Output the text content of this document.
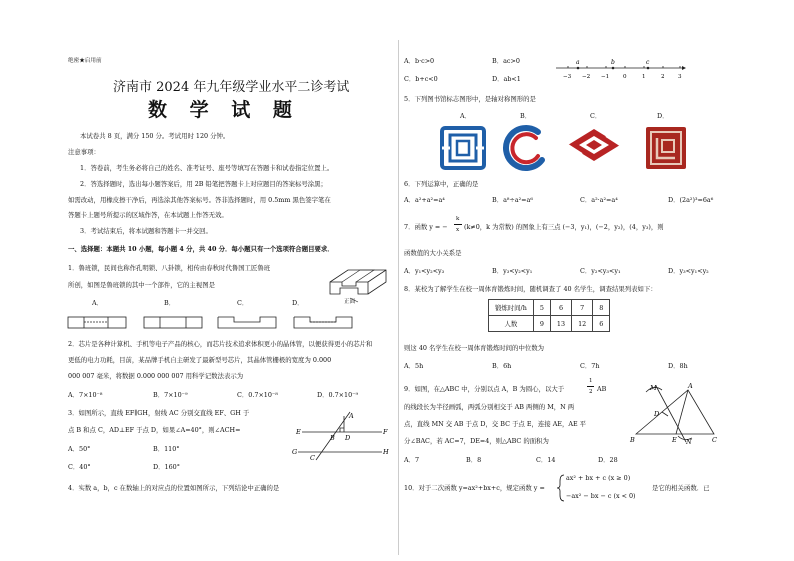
绝密★启用前
济南市 2024 年九年级学业水平二诊考试
数 学 试 题
本试卷共 8 页，满分 150 分。考试用时 120 分钟。
注意事项：
1．答卷前，考生务必将自己的姓名、准考证号、座号等填写在答题卡和试卷指定位置上。
2．答选择题时，选出每小题答案后，用 2B 铅笔把答题卡上对应题目的答案标号涂黑；
如需改动，用橡皮擦干净后，再选涂其他答案标号。答非选择题时，用 0.5mm 黑色签字笔在
答题卡上题号所提示的区域作答，在本试题上作答无效。
3．考试结束后，将本试题和答题卡一并交回。
一、选择题：本题共 10 小题，每小题 4 分，共 40 分．每小题只有一个选项符合题目要求．
1．鲁班锁，民间也称作孔明锁、八卦锁，相传由春秋时代鲁国工匠鲁班
所创，如图是鲁班锁的其中一个部件，它的主视图是
正面
A．	B．	C．	D．
2．芯片是各种计算机、手机等电子产品的核心，而芯片技术追求体积更小的晶体管，以便获得更小的芯片和
更低的电力功耗，目前，某品牌手机自主研发了最新型号芯片，其晶体管栅极的宽度为 0.000
000 007 毫米，将数据 0.000 000 007 用科学记数法表示为
A．7×10⁻⁸	B．7×10⁻⁹	C．0.7×10⁻⁸	D．0.7×10⁻⁹
3．如图所示，直线 EF∥GH，射线 AC 分别交直线 EF、GH 于
点 B 和点 C，AD⊥EF 于点 D，如果∠A=40°，则∠ACH=
A．50°	B．110°
C．40°	D．160°
A
E
B D
F
G
C
H
4．实数 a，b，c 在数轴上的对应点的位置如图所示，下列结论中正确的是
A．b·c>0	B．ac>0
C．b+c<0	D．ab<1
a	b	c
−3 −2 −1 0	1	2 3
5．下列图书馆标志图形中，是轴对称图形的是
A．	B．	C．	D．
6．下列运算中，正确的是
A．a²+a²=a⁴	B．a⁸÷a²=a⁶	C．a²·a²=a⁴	D．(2a²)³=6a⁶
7．函数 y = −
k
x (k≠0，k 为常数) 的图象上有三点 (−3，y₁)，(−2，y₂)，(4，y₃)，则
函数值的大小关系是
A．y₁<y₂<y₃	B．y₃<y₂<y₁	C．y₂<y₃<y₁	D．y₃<y₁<y₂
8．某校为了解学生在校一周体育锻炼时间，随机调查了 40 名学生，调查结果列表如下：
锻炼时间/h	5	6	7	8
人数	9	13	12	6
则这 40 名学生在校一周体育锻炼时间的中位数为
A．5h	B．6h	C．7h	D．8h
9．如图，在△ABC 中，分别以点 A，B 为圆心，以大于
1
2 AB
的线段长为半径画弧，两弧分别相交于 AB 两侧的 M，N 两
点，直线 MN 交 AB 于点 D，交 BC 于点 E，连接 AE，AE 平
分∠BAC，若 AC=7，DE=4，则△ABC 的面积为
A．7	B．8	C．14	D．28
M	A
D
B	E	C
N
10．对于二次函数 y=ax²+bx+c，规定函数 y =
ax² + bx + c (x ≥ 0)
−ax² − bx − c (x < 0)
是它的相关函数．已
